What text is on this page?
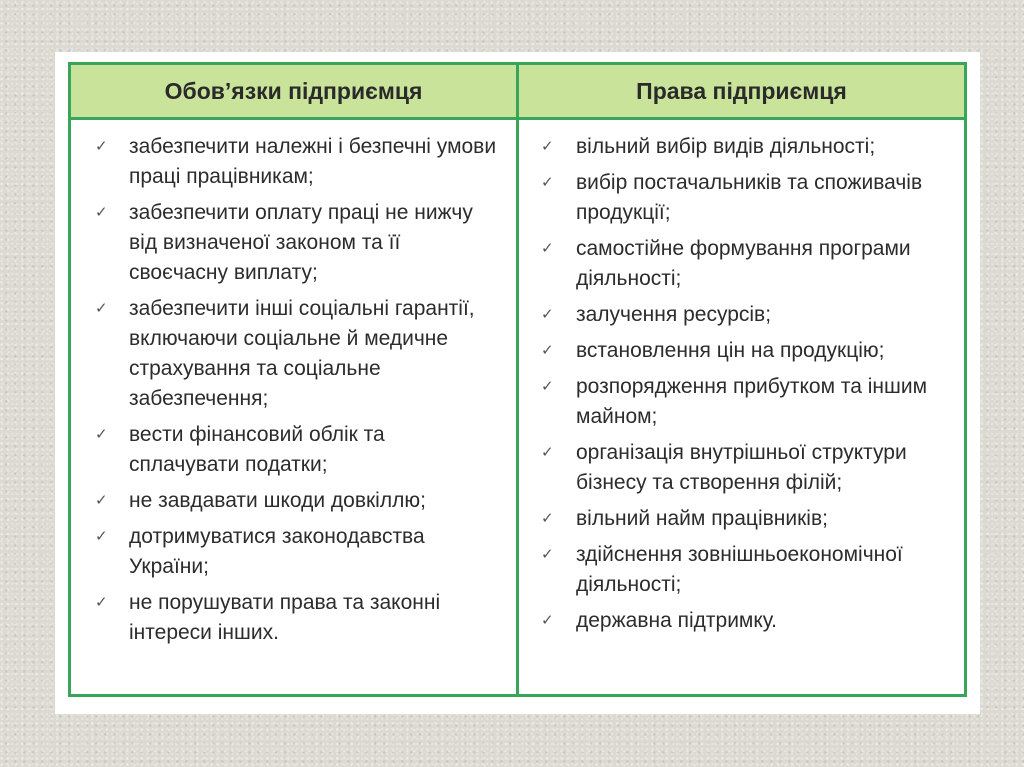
Обов’язки підприємця	Права підприємця
✓ забезпечити належні і безпечні умови праці працівникам;
✓ забезпечити оплату праці не нижчу від визначеної законом та її своєчасну виплату;
✓ забезпечити інші соціальні гарантії, включаючи соціальне й медичне страхування та соціальне забезпечення;
✓ вести фінансовий облік та сплачувати податки;
✓ не завдавати шкоди довкіллю;
✓ дотримуватися законодавства України;
✓ не порушувати права та законні інтереси інших.
✓ вільний вибір видів діяльності;
✓ вибір постачальників та споживачів продукції;
✓ самостійне формування програми діяльності;
✓ залучення ресурсів;
✓ встановлення цін на продукцію;
✓ розпорядження прибутком та іншим майном;
✓ організація внутрішньої структури бізнесу та створення філій;
✓ вільний найм працівників;
✓ здійснення зовнішньоекономічної діяльності;
✓ державна підтримку.
